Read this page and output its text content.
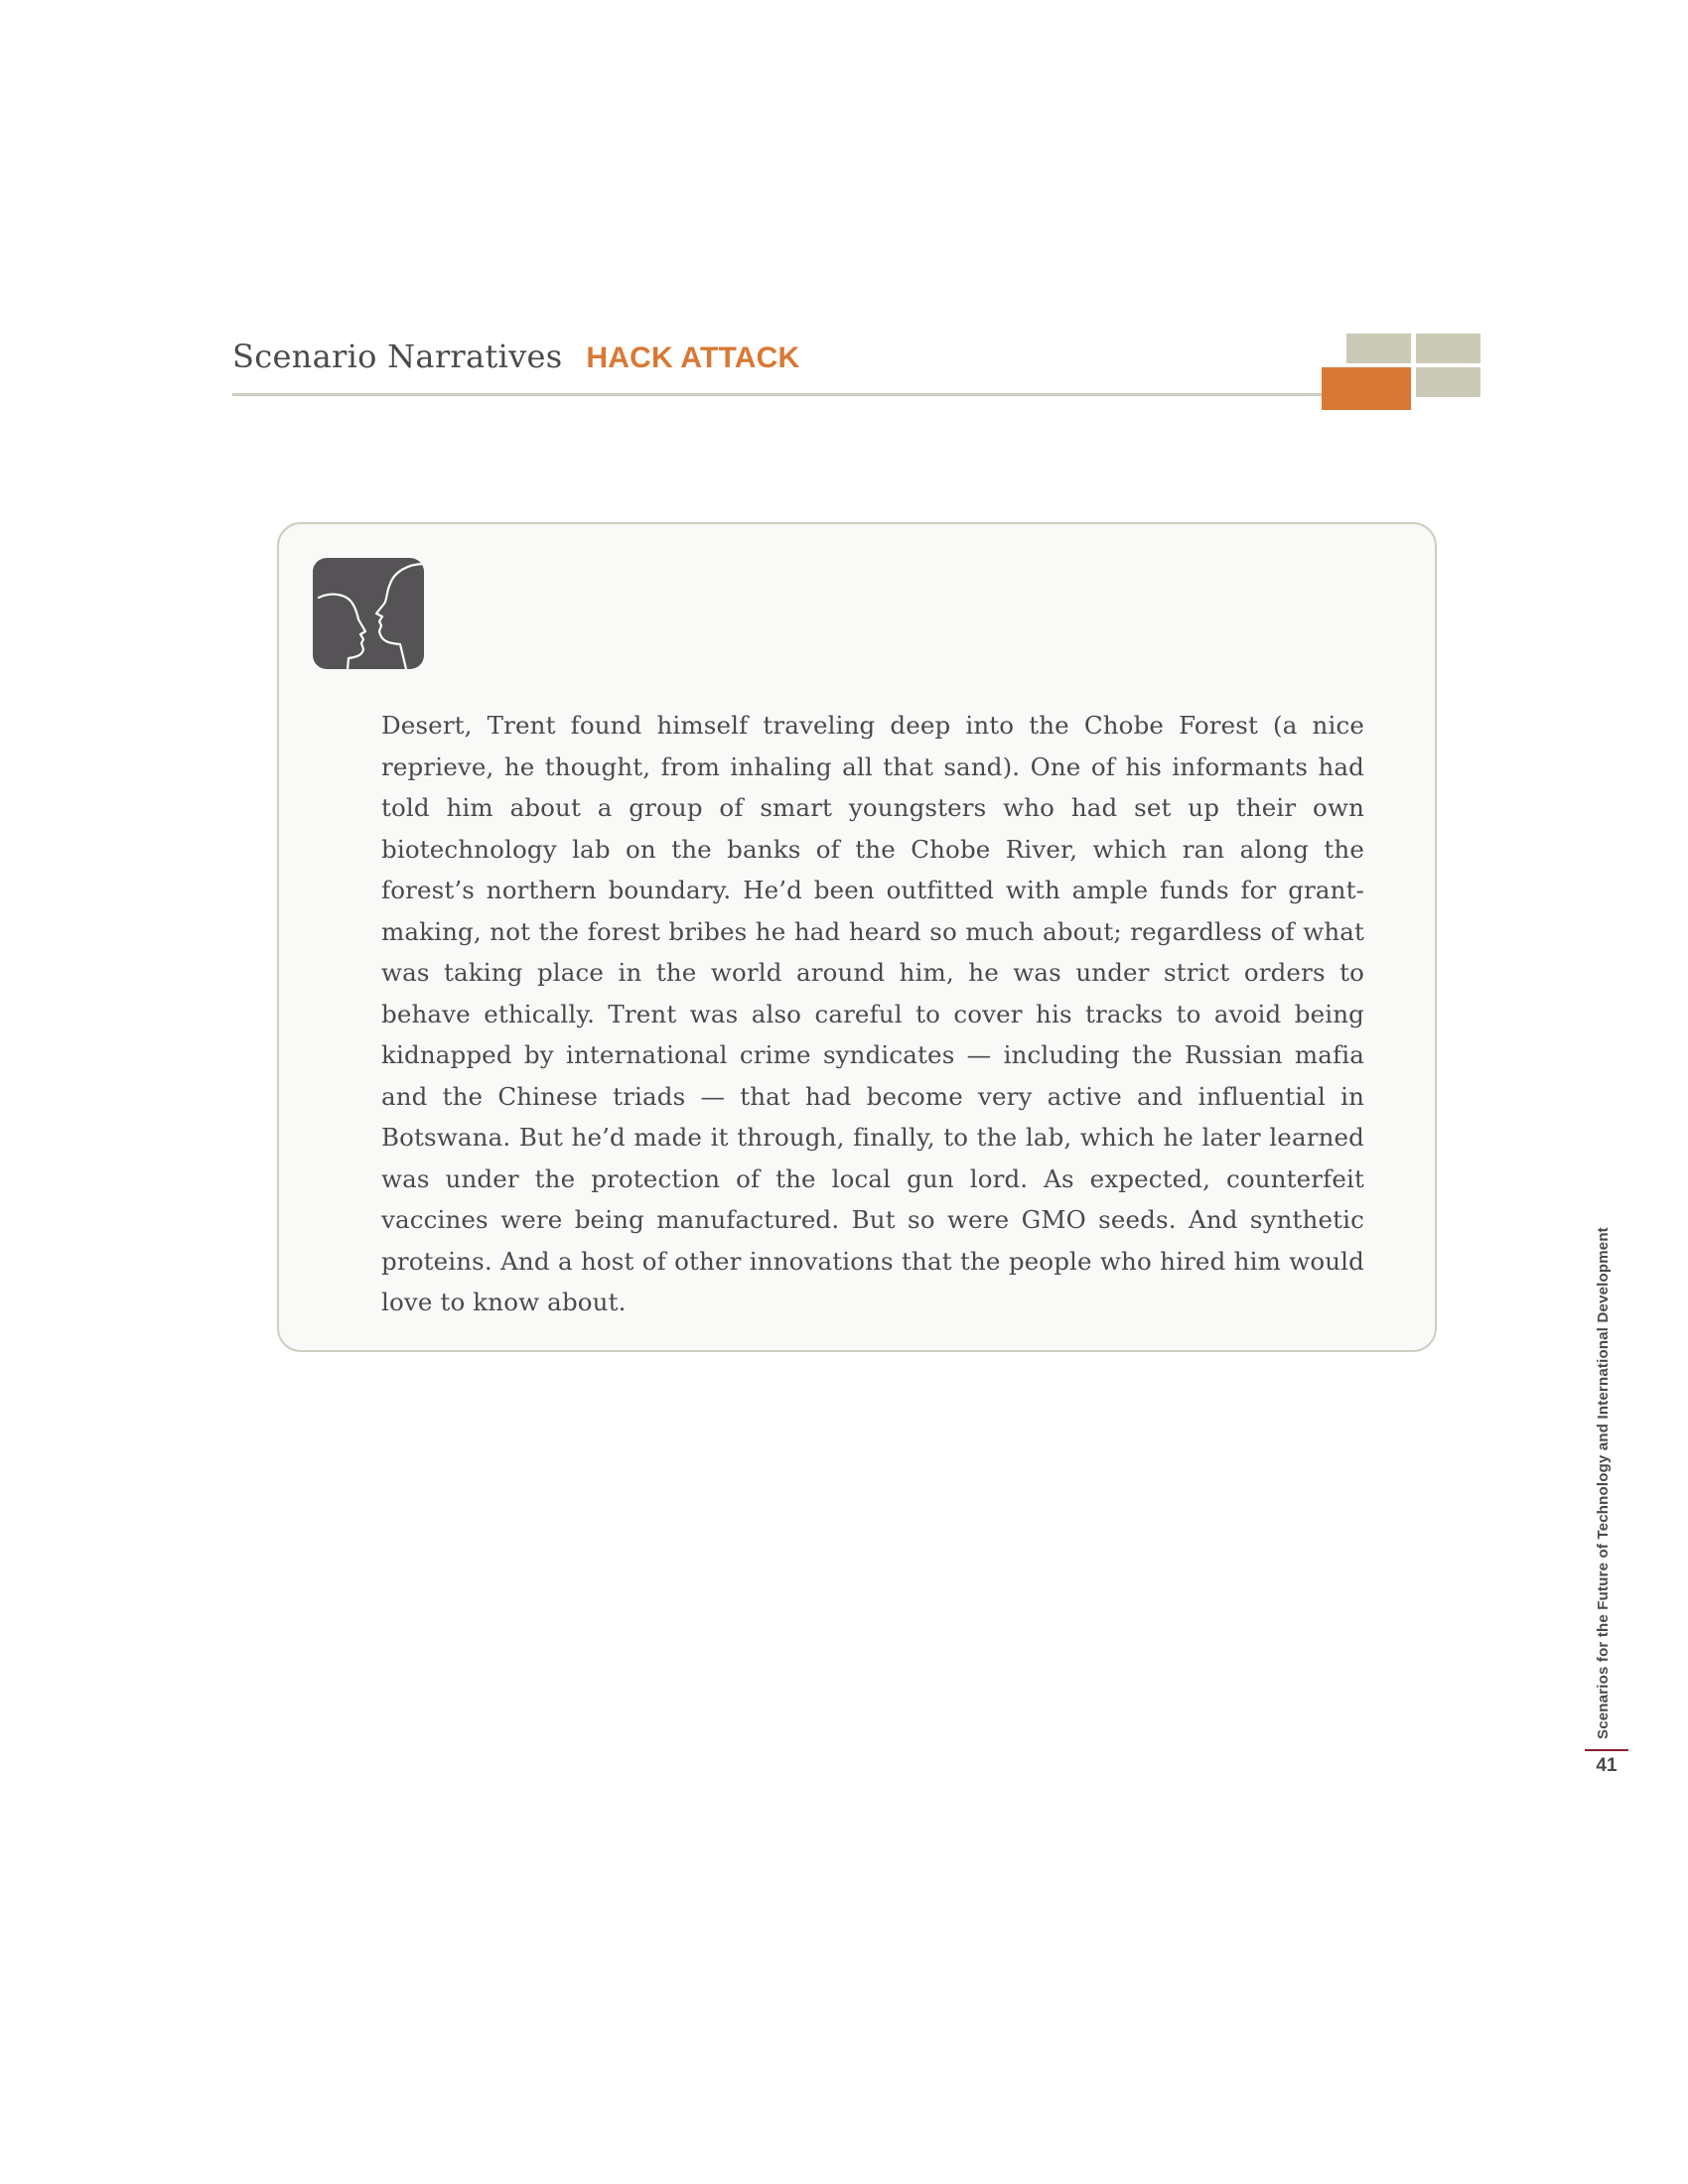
Scenario Narratives HACK ATTACK

Desert, Trent found himself traveling deep into the Chobe Forest (a nice reprieve, he thought, from inhaling all that sand). One of his informants had told him about a group of smart youngsters who had set up their own biotechnology lab on the banks of the Chobe River, which ran along the forest’s northern boundary. He’d been outfitted with ample funds for grant-making, not the forest bribes he had heard so much about; regardless of what was taking place in the world around him, he was under strict orders to behave ethically. Trent was also careful to cover his tracks to avoid being kidnapped by international crime syndicates — including the Russian mafia and the Chinese triads — that had become very active and influential in Botswana. But he’d made it through, finally, to the lab, which he later learned was under the protection of the local gun lord. As expected, counterfeit vaccines were being manufactured. But so were GMO seeds. And synthetic proteins. And a host of other innovations that the people who hired him would love to know about.	Scenarios for the Future of Technology and International Development
41
